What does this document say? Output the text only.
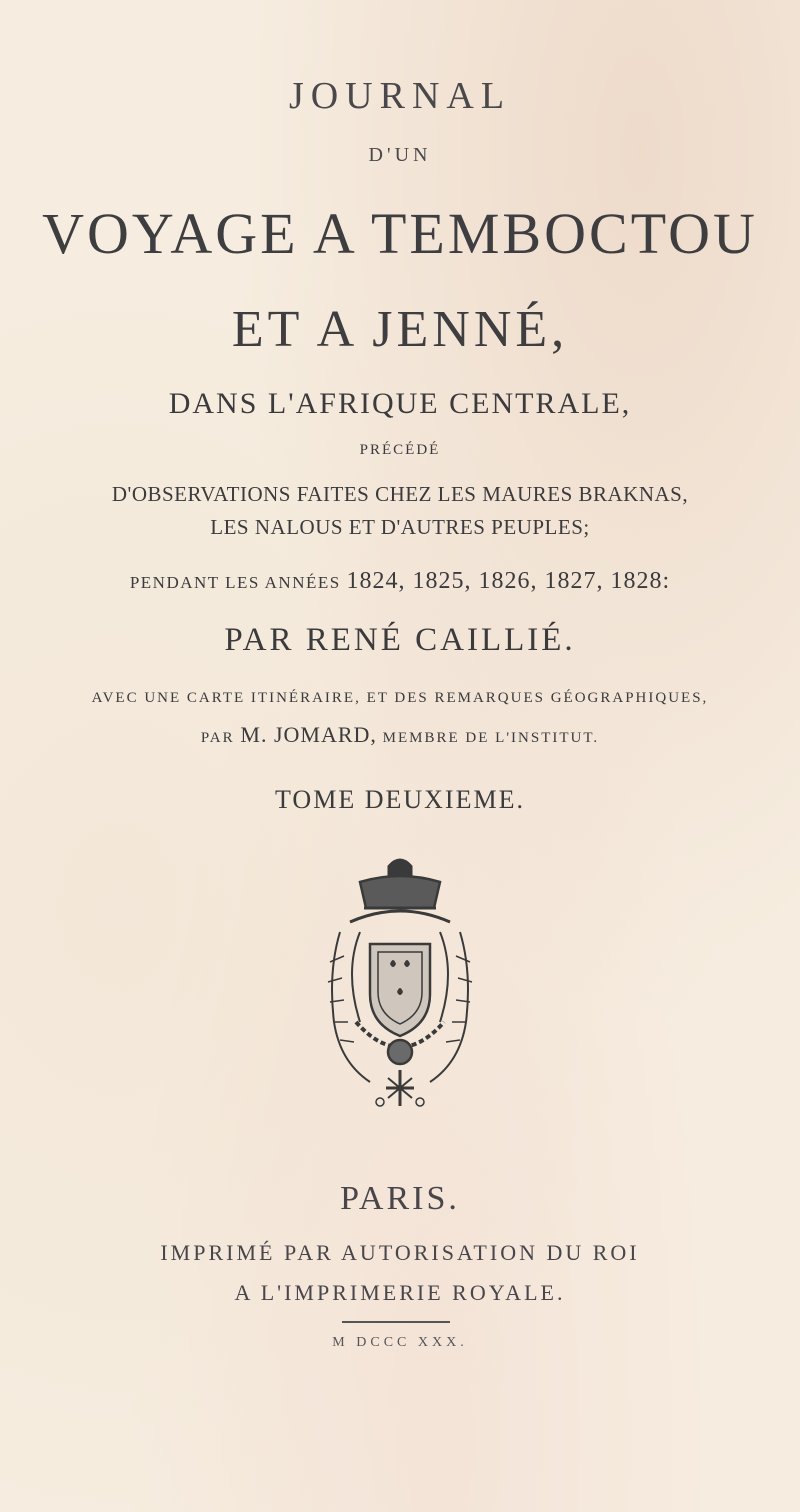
JOURNAL
D'UN
VOYAGE A TEMBOCTOU
ET A JENNÉ,
DANS L'AFRIQUE CENTRALE,
PRÉCÉDÉ
D'OBSERVATIONS FAITES CHEZ LES MAURES BRAKNAS,
LES NALOUS ET D'AUTRES PEUPLES;
PENDANT LES ANNÉES 1824, 1825, 1826, 1827, 1828:
PAR RENÉ CAILLIÉ.
AVEC UNE CARTE ITINÉRAIRE, ET DES REMARQUES GÉOGRAPHIQUES,
PAR M. JOMARD, MEMBRE DE L'INSTITUT.
TOME DEUXIEME.
PARIS.
IMPRIMÉ PAR AUTORISATION DU ROI
A L'IMPRIMERIE ROYALE.
M DCCC XXX.
